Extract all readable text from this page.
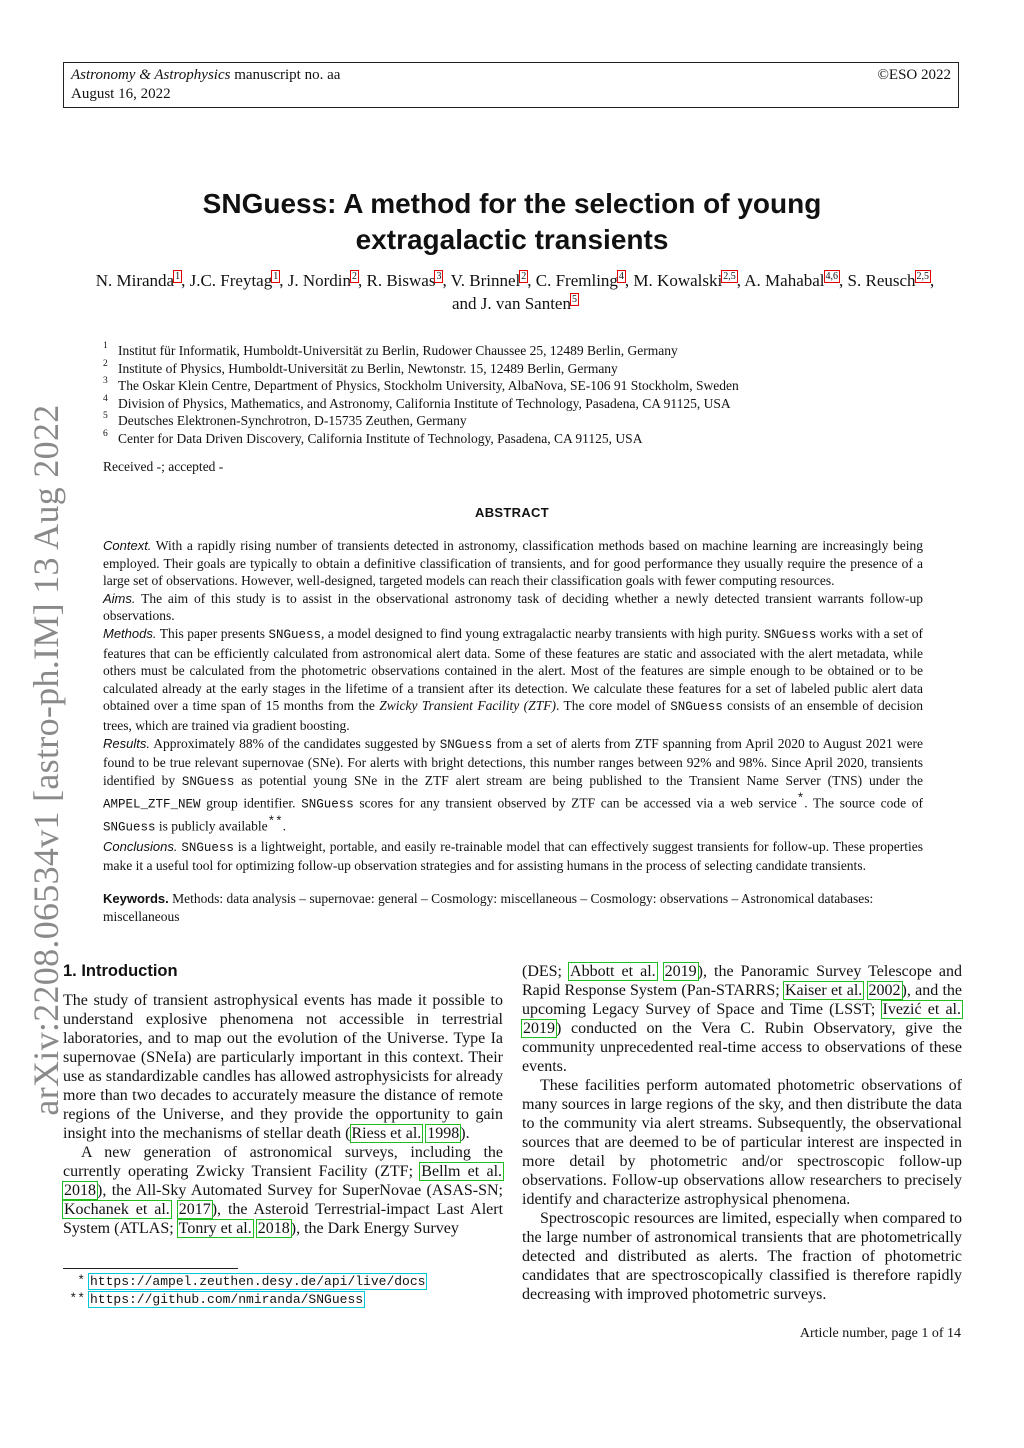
Astronomy & Astrophysics manuscript no. aa
August 16, 2022
©ESO 2022
arXiv:2208.06534v1 [astro-ph.IM] 13 Aug 2022
SNGuess: A method for the selection of young
extragalactic transients
N. Miranda$^1$, J.C. Freytag$^1$, J. Nordin$^2$, R. Biswas$^3$, V. Brinnel$^2$, C. Fremling$^4$, M. Kowalski$^{2,5}$, A. Mahabal$^{4,6}$, S. Reusch$^{2,5}$, and J. van Santen$^5$
1 Institut für Informatik, Humboldt-Universität zu Berlin, Rudower Chaussee 25, 12489 Berlin, Germany
2 Institute of Physics, Humboldt-Universität zu Berlin, Newtonstr. 15, 12489 Berlin, Germany
3 The Oskar Klein Centre, Department of Physics, Stockholm University, AlbaNova, SE-106 91 Stockholm, Sweden
4 Division of Physics, Mathematics, and Astronomy, California Institute of Technology, Pasadena, CA 91125, USA
5 Deutsches Elektronen-Synchrotron, D-15735 Zeuthen, Germany
6 Center for Data Driven Discovery, California Institute of Technology, Pasadena, CA 91125, USA
Received -; accepted -
ABSTRACT

Context. With a rapidly rising number of transients detected in astronomy, classification methods based on machine learning are increasingly being employed. Their goals are typically to obtain a definitive classification of transients, and for good performance they usually require the presence of a large set of observations. However, well-designed, targeted models can reach their classification goals with fewer computing resources.

Aims. The aim of this study is to assist in the observational astronomy task of deciding whether a newly detected transient warrants follow-up observations.

Methods. This paper presents SNGuess, a model designed to find young extragalactic nearby transients with high purity. SNGuess works with a set of features that can be efficiently calculated from astronomical alert data. Some of these features are static and associated with the alert metadata, while others must be calculated from the photometric observations contained in the alert. Most of the features are simple enough to be obtained or to be calculated already at the early stages in the lifetime of a transient after its detection. We calculate these features for a set of labeled public alert data obtained over a time span of 15 months from the Zwicky Transient Facility (ZTF). The core model of SNGuess consists of an ensemble of decision trees, which are trained via gradient boosting.

Results. Approximately 88% of the candidates suggested by SNGuess from a set of alerts from ZTF spanning from April 2020 to August 2021 were found to be true relevant supernovae (SNe). For alerts with bright detections, this number ranges between 92% and 98%. Since April 2020, transients identified by SNGuess as potential young SNe in the ZTF alert stream are being published to the Transient Name Server (TNS) under the AMPEL_ZTF_NEW group identifier. SNGuess scores for any transient observed by ZTF can be accessed via a web service*. The source code of SNGuess is publicly available**.

Conclusions. SNGuess is a lightweight, portable, and easily re-trainable model that can effectively suggest transients for follow-up. These properties make it a useful tool for optimizing follow-up observation strategies and for assisting humans in the process of selecting candidate transients.

Keywords. Methods: data analysis – supernovae: general – Cosmology: miscellaneous – Cosmology: observations – Astronomical databases: miscellaneous
1. Introduction

The study of transient astrophysical events has made it possible to understand explosive phenomena not accessible in terrestrial laboratories, and to map out the evolution of the Universe. Type Ia supernovae (SNeIa) are particularly important in this context. Their use as standardizable candles has allowed astrophysicists for already more than two decades to accurately measure the distance of remote regions of the Universe, and they provide the opportunity to gain insight into the mechanisms of stellar death (Riess et al. 1998).

A new generation of astronomical surveys, including the currently operating Zwicky Transient Facility (ZTF; Bellm et al. 2018), the All-Sky Automated Survey for SuperNovae (ASAS-SN; Kochanek et al. 2017), the Asteroid Terrestrial-impact Last Alert System (ATLAS; Tonry et al. 2018), the Dark Energy Survey

* https://ampel.zeuthen.desy.de/api/live/docs
** https://github.com/nmiranda/SNGuess

(DES; Abbott et al. 2019), the Panoramic Survey Telescope and Rapid Response System (Pan-STARRS; Kaiser et al. 2002), and the upcoming Legacy Survey of Space and Time (LSST; Ivezić et al. 2019) conducted on the Vera C. Rubin Observatory, give the community unprecedented real-time access to observations of these events.

These facilities perform automated photometric observations of many sources in large regions of the sky, and then distribute the data to the community via alert streams. Subsequently, the observational sources that are deemed to be of particular interest are inspected in more detail by photometric and/or spectroscopic follow-up observations. Follow-up observations allow researchers to precisely identify and characterize astrophysical phenomena.

Spectroscopic resources are limited, especially when compared to the large number of astronomical transients that are photometrically detected and distributed as alerts. The fraction of photometric candidates that are spectroscopically classified is therefore rapidly decreasing with improved photometric surveys.

Article number, page 1 of 14
